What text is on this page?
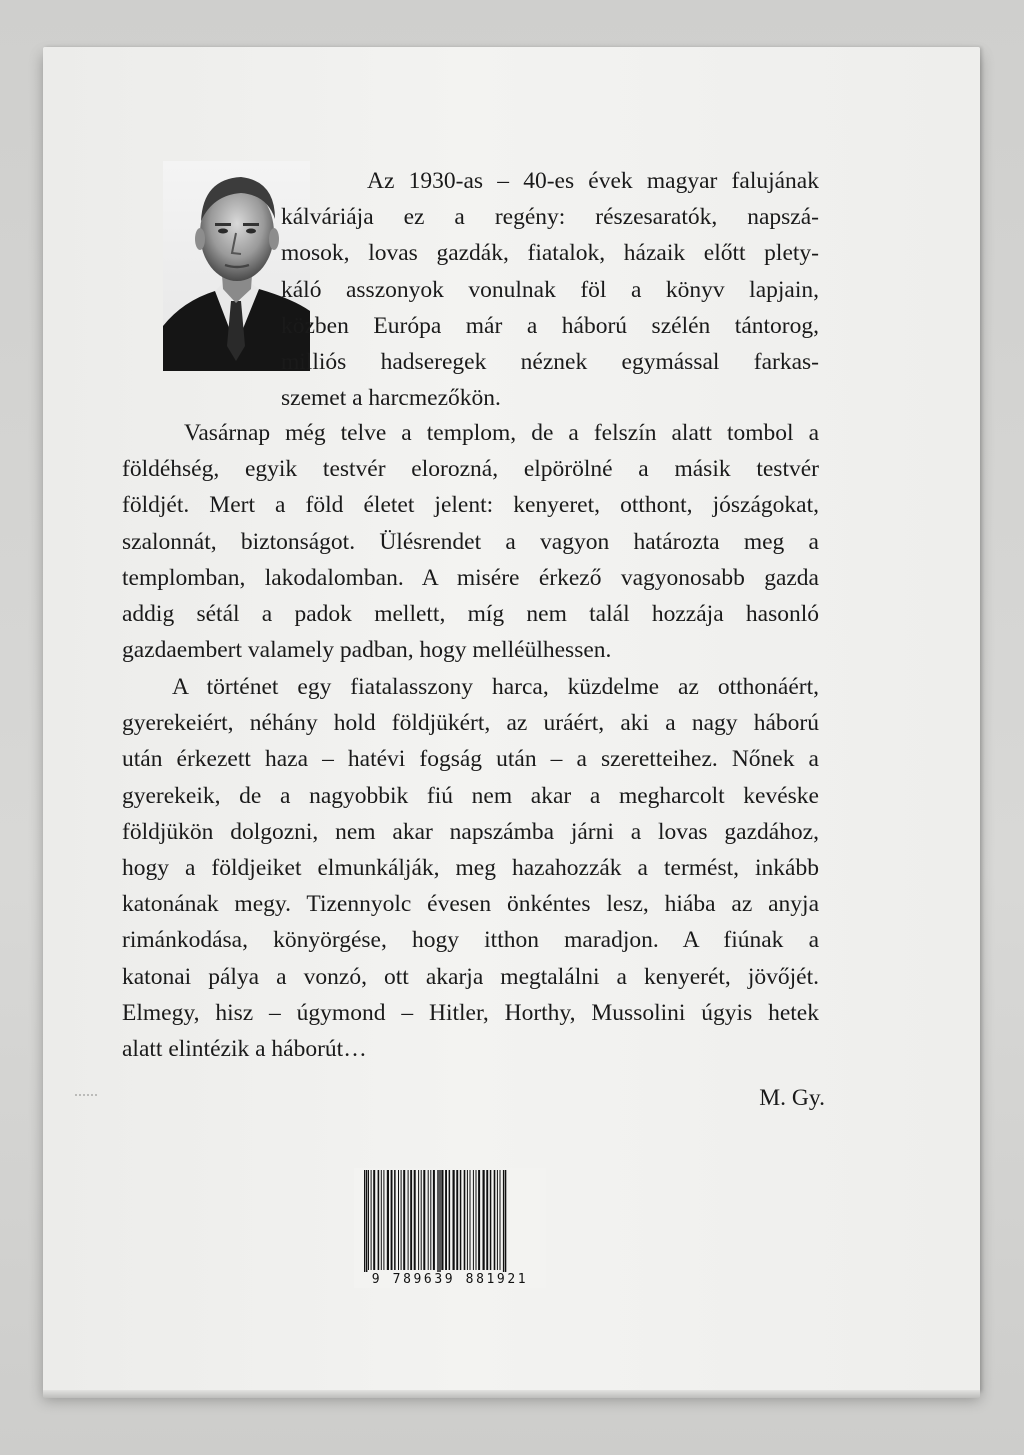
Az 1930-as – 40-es évek magyar falujának
kálváriája ez a regény: részesaratók, napszá-
mosok, lovas gazdák, fiatalok, házaik előtt plety-
káló asszonyok vonulnak föl a könyv lapjain,
közben Európa már a háború szélén tántorog,
milliós hadseregek néznek egymással farkas-
szemet a harcmezőkön.
Vasárnap még telve a templom, de a felszín alatt tombol a
földéhség, egyik testvér elorozná, elpörölné a másik testvér
földjét. Mert a föld életet jelent: kenyeret, otthont, jószágokat,
szalonnát, biztonságot. Ülésrendet a vagyon határozta meg a
templomban, lakodalomban. A misére érkező vagyonosabb gazda
addig sétál a padok mellett, míg nem talál hozzája hasonló
gazdaembert valamely padban, hogy melléülhessen.
A történet egy fiatalasszony harca, küzdelme az otthonáért,
gyerekeiért, néhány hold földjükért, az uráért, aki a nagy háború
után érkezett haza – hatévi fogság után – a szeretteihez. Nőnek a
gyerekeik, de a nagyobbik fiú nem akar a megharcolt kevéske
földjükön dolgozni, nem akar napszámba járni a lovas gazdához,
hogy a földjeiket elmunkálják, meg hazahozzák a termést, inkább
katonának megy. Tizennyolc évesen önkéntes lesz, hiába az anyja
rimánkodása, könyörgése, hogy itthon maradjon. A fiúnak a
katonai pálya a vonzó, ott akarja megtalálni a kenyerét, jövőjét.
Elmegy, hisz – úgymond – Hitler, Horthy, Mussolini úgyis hetek
alatt elintézik a háborút…
M. Gy.
9 789639 881921
